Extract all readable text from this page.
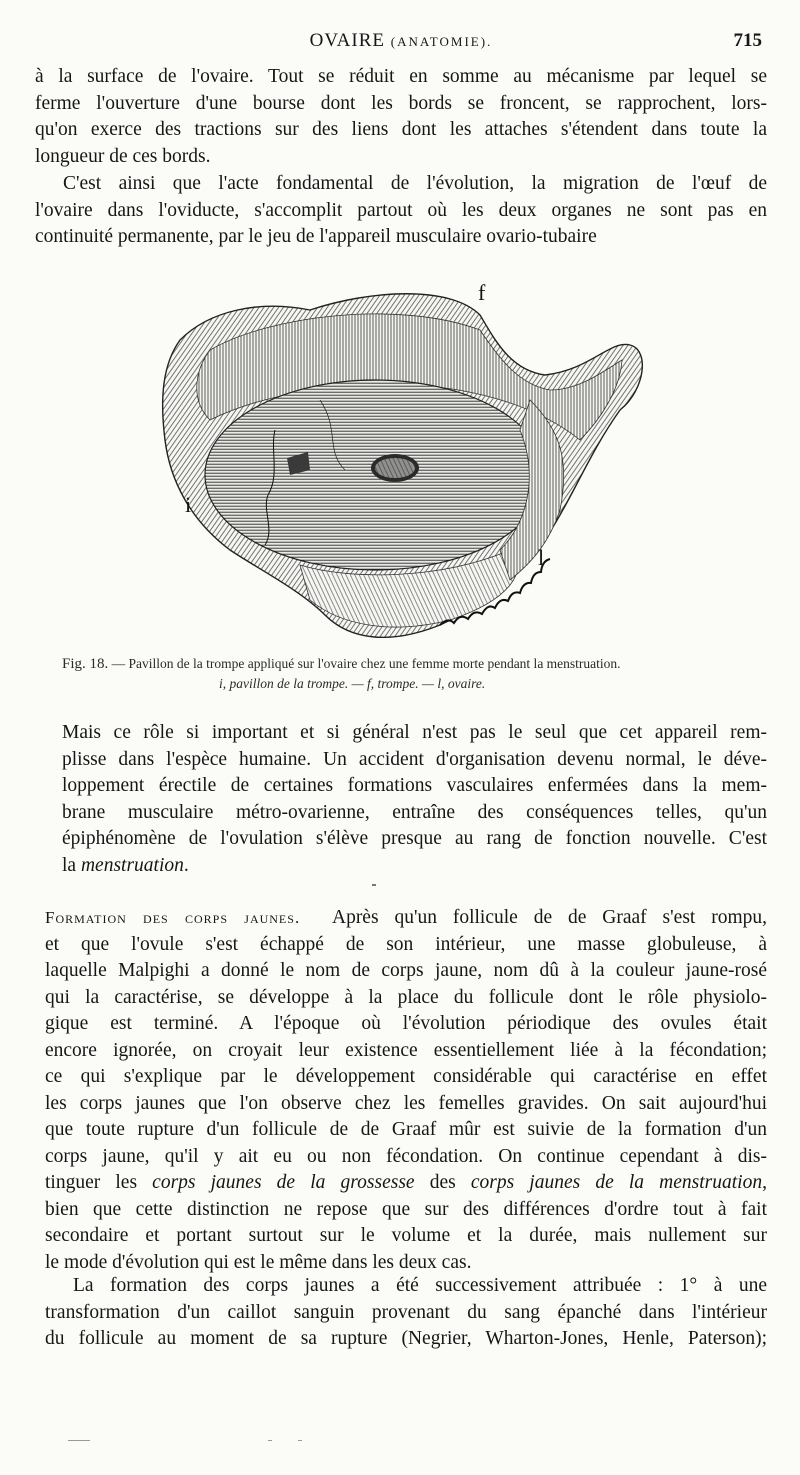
OVAIRE (ANATOMIE).	715
à la surface de l'ovaire. Tout se réduit en somme au mécanisme par lequel se
ferme l'ouverture d'une bourse dont les bords se froncent, se rapprochent, lors-
qu'on exerce des tractions sur des liens dont les attaches s'étendent dans toute la
longueur de ces bords.
C'est ainsi que l'acte fondamental de l'évolution, la migration de l'œuf de
l'ovaire dans l'oviducte, s'accomplit partout où les deux organes ne sont pas en
continuité permanente, par le jeu de l'appareil musculaire ovario-tubaire
f
i
l
Fig. 18. — Pavillon de la trompe appliqué sur l'ovaire chez une femme morte pendant la menstruation.
i, pavillon de la trompe. — f, trompe. — l, ovaire.
Mais ce rôle si important et si général n'est pas le seul que cet appareil rem-
plisse dans l'espèce humaine. Un accident d'organisation devenu normal, le déve-
loppement érectile de certaines formations vasculaires enfermées dans la mem-
brane musculaire métro-ovarienne, entraîne des conséquences telles, qu'un
épiphénomène de l'ovulation s'élève presque au rang de fonction nouvelle. C'est
la menstruation.
Formation des corps jaunes. Après qu'un follicule de de Graaf s'est rompu,
et que l'ovule s'est échappé de son intérieur, une masse globuleuse, à
laquelle Malpighi a donné le nom de corps jaune, nom dû à la couleur jaune-rosé
qui la caractérise, se développe à la place du follicule dont le rôle physiolo-
gique est terminé. A l'époque où l'évolution périodique des ovules était
encore ignorée, on croyait leur existence essentiellement liée à la fécondation;
ce qui s'explique par le développement considérable qui caractérise en effet
les corps jaunes que l'on observe chez les femelles gravides. On sait aujourd'hui
que toute rupture d'un follicule de de Graaf mûr est suivie de la formation d'un
corps jaune, qu'il y ait eu ou non fécondation. On continue cependant à dis-
tinguer les corps jaunes de la grossesse des corps jaunes de la menstruation,
bien que cette distinction ne repose que sur des différences d'ordre tout à fait
secondaire et portant surtout sur le volume et la durée, mais nullement sur
le mode d'évolution qui est le même dans les deux cas.
La formation des corps jaunes a été successivement attribuée : 1° à une
transformation d'un caillot sanguin provenant du sang épanché dans l'intérieur
du follicule au moment de sa rupture (Negrier, Wharton-Jones, Henle, Paterson);
